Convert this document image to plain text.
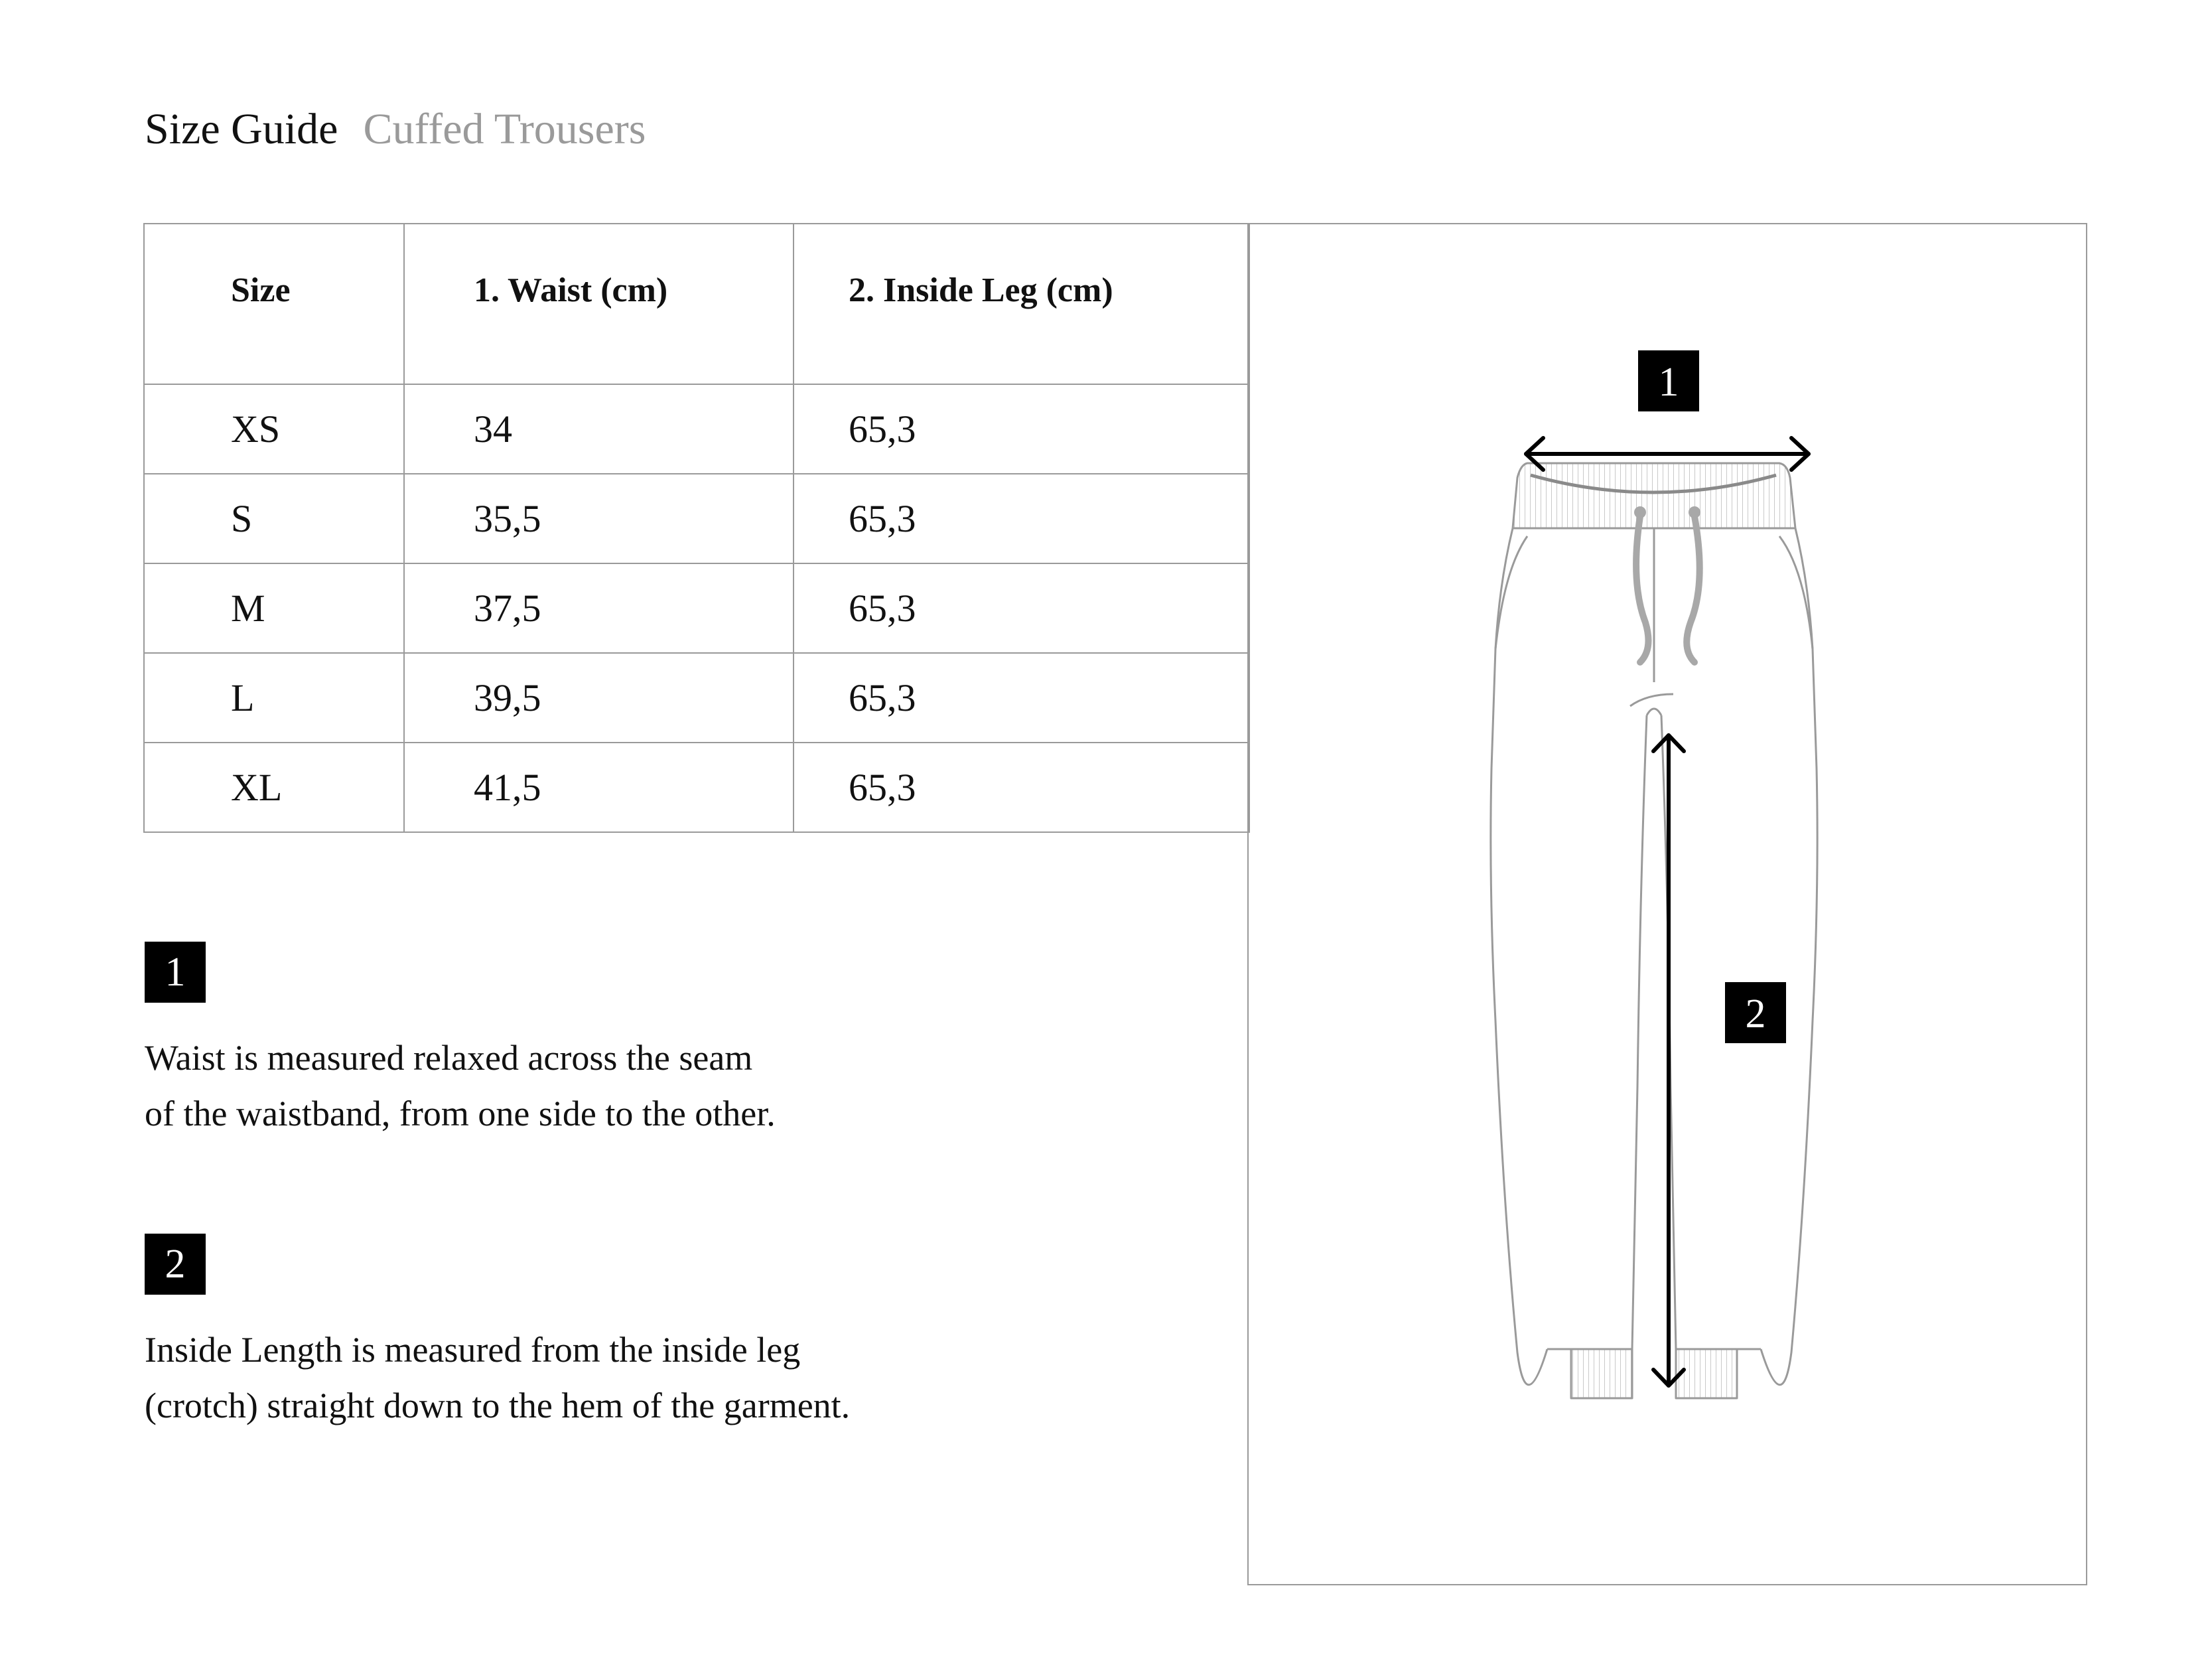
Size Guide Cuffed Trousers
Size	1. Waist (cm)	2. Inside Leg (cm)
XS	34	65,3
S	35,5	65,3
M	37,5	65,3
L	39,5	65,3
XL	41,5	65,3
1
Waist is measured relaxed across the seam
of the waistband, from one side to the other.
2
Inside Length is measured from the inside leg
(crotch) straight down to the hem of the garment.
1
2
